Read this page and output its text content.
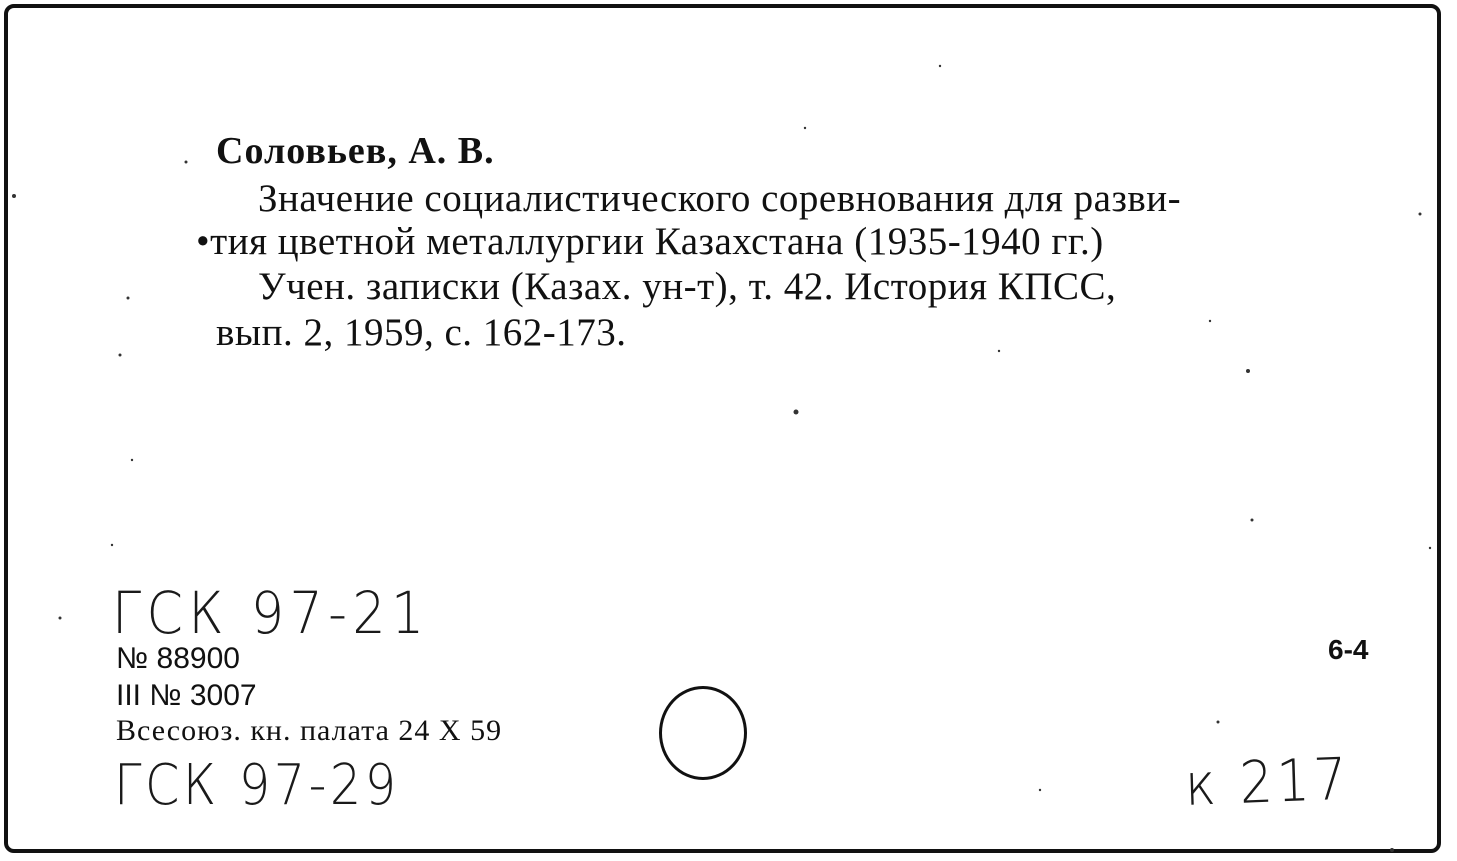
Соловьев, А. В.

Значение социалистического соревнования для разви-

•тия цветной металлургии Казахстана (1935-1940 гг.)

Учен. записки (Казах. ун-т), т. 42. История КПСС,

вып. 2, 1959, с. 162-173.

ГСК 97-21

№ 88900

III № 3007

Всесоюз. кн. палата 24 X 59

6-4

ГСК 97-29	к 217
